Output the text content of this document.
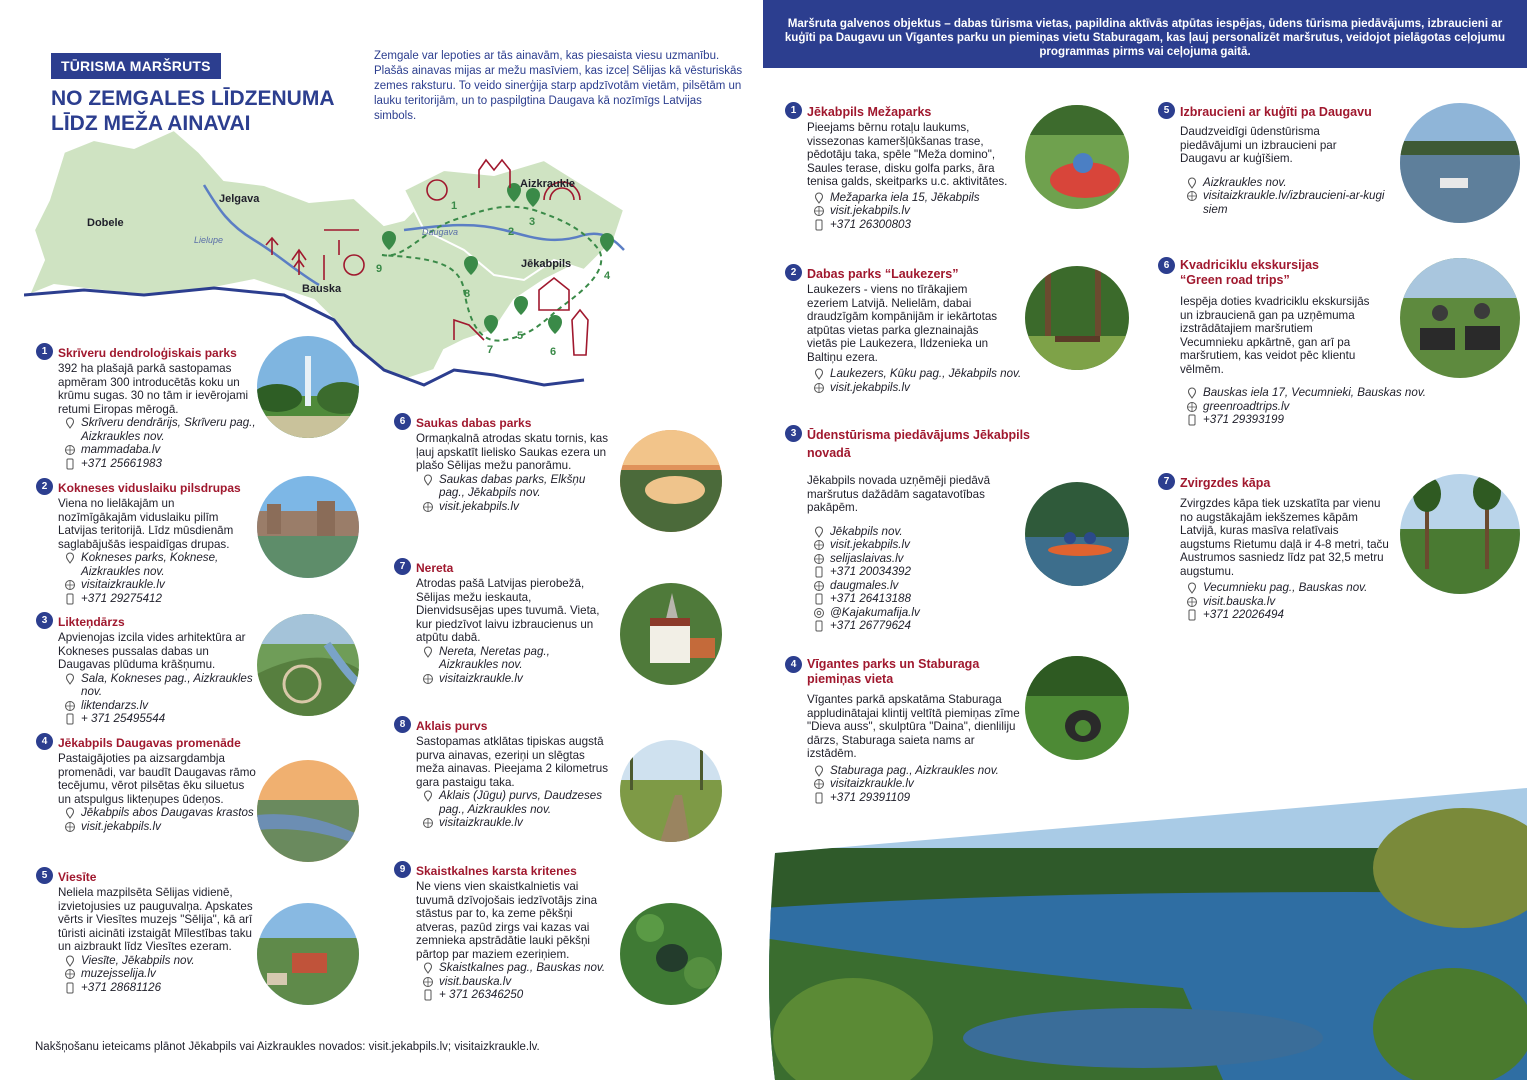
TŪRISMA MARŠRUTS
NO ZEMGALES LĪDZENUMA
LĪDZ MEŽA AINAVAI
Zemgale var lepoties ar tās ainavām, kas piesaista viesu uzmanību. Plašās ainavas mijas ar mežu masīviem, kas izceļ Sēlijas kā vēsturiskās zemes raksturu. To veido sinerģija starp apdzīvotām vietām, pilsētām un lauku teritorijām, un to paspilgtina Daugava kā nozīmīgs Latvijas simbols.
Dobele
Jelgava
Bauska
Aizkraukle
Jēkabpils
Lielupe
Daugava
1
2
3
4
5
6
7
8
9
1 Skrīveru dendroloģiskais parks
392 ha plašajā parkā sastopamas apmēram 300 introducētās koku un krūmu sugas. 30 no tām ir ievērojami retumi Eiropas mērogā.
Skrīveru dendrārijs, Skrīveru pag., Aizkraukles nov.
mammadaba.lv
+371 25661983
2 Kokneses viduslaiku pilsdrupas
Viena no lielākajām un nozīmīgākajām viduslaiku pilīm Latvijas teritorijā. Līdz mūsdienām saglabājušās iespaidīgas drupas.
Kokneses parks, Koknese, Aizkraukles nov.
visitaizkraukle.lv
+371 29275412
3 Likteņdārzs
Apvienojas izcila vides arhitektūra ar Kokneses pussalas dabas un Daugavas plūduma krāšņumu.
Sala, Kokneses pag., Aizkraukles nov.
liktendarzs.lv
+ 371 25495544
4 Jēkabpils Daugavas promenāde
Pastaigājoties pa aizsargdambja promenādi, var baudīt Daugavas rāmo tecējumu, vērot pilsētas ēku siluetus un atspulgus likteņupes ūdeņos.
Jēkabpils abos Daugavas krastos
visit.jekabpils.lv
5 Viesīte
Neliela mazpilsēta Sēlijas vidienē, izvietojusies uz pauguvalņa. Apskates vērts ir Viesītes muzejs "Sēlija", kā arī tūristi aicināti izstaigāt Mīlestības taku un aizbraukt līdz Viesītes ezeram.
Viesīte, Jēkabpils nov.
muzejsselija.lv
+371 28681126
6 Saukas dabas parks
Ormaņkalnā atrodas skatu tornis, kas ļauj apskatīt lielisko Saukas ezera un plašo Sēlijas mežu panorāmu.
Saukas dabas parks, Elkšņu pag., Jēkabpils nov.
visit.jekabpils.lv
7 Nereta
Atrodas pašā Latvijas pierobežā, Sēlijas mežu ieskauta, Dienvidsusējas upes tuvumā. Vieta, kur piedzīvot laivu izbraucienus un atpūtu dabā.
Nereta, Neretas pag., Aizkraukles nov.
visitaizkraukle.lv
8 Aklais purvs
Sastopamas atklātas tipiskas augstā purva ainavas, ezeriņi un slēgtas meža ainavas. Pieejama 2 kilometrus gara pastaigu taka.
Aklais (Jūgu) purvs, Daudzeses pag., Aizkraukles nov.
visitaizkraukle.lv
9 Skaistkalnes karsta kritenes
Ne viens vien skaistkalnietis vai tuvumā dzīvojošais iedzīvotājs zina stāstus par to, ka zeme pēkšņi atveras, pazūd zirgs vai kazas vai zemnieka apstrādātie lauki pēkšņi pārtop par maziem ezeriņiem.
Skaistkalnes pag., Bauskas nov.
visit.bauska.lv
+ 371 26346250
Nakšņošanu ieteicams plānot Jēkabpils vai Aizkraukles novados: visit.jekabpils.lv; visitaizkraukle.lv.
Maršruta galvenos objektus – dabas tūrisma vietas, papildina aktīvās atpūtas iespējas, ūdens tūrisma piedāvājums, izbraucieni ar kuģīti pa Daugavu un Vīgantes parku un piemiņas vietu Staburagam, kas ļauj personalizēt maršrutus, veidojot pielāgotas ceļojumu programmas pirms vai ceļojuma gaitā.
1 Jēkabpils Mežaparks
Pieejams bērnu rotaļu laukums, vissezonas kameršļūkšanas trase, pēdotāju taka, spēle "Meža domino", Saules terase, disku golfa parks, āra tenisa galds, skeitparks u.c. aktivitātes.
Mežaparka iela 15, Jēkabpils
visit.jekabpils.lv
+371 26300803
2 Dabas parks “Laukezers”
Laukezers - viens no tīrākajiem ezeriem Latvijā. Nelielām, dabai draudzīgām kompānijām ir iekārtotas atpūtas vietas parka gleznainajās vietās pie Laukezera, Ildzenieka un Baltiņu ezera.
Laukezers, Kūku pag., Jēkabpils nov.
visit.jekabpils.lv
3 Ūdenstūrisma piedāvājums Jēkabpils novadā
Jēkabpils novada uzņēmēji piedāvā maršrutus dažādām sagatavotības pakāpēm.
Jēkabpils nov.
visit.jekabpils.lv
selijaslaivas.lv
+371 20034392
daugmales.lv
+371 26413188
@Kajakumafija.lv
+371 26779624
4 Vīgantes parks un Staburaga piemiņas vieta
Vīgantes parkā apskatāma Staburaga appludinātajai klintij veltītā piemiņas zīme "Dieva auss", skulptūra "Daina", dienliliju dārzs, Staburaga saieta nams ar izstādēm.
Staburaga pag., Aizkraukles nov.
visitaizkraukle.lv
+371 29391109
5 Izbraucieni ar kuģīti pa Daugavu
Daudzveidīgi ūdenstūrisma piedāvājumi un izbraucieni par Daugavu ar kuģīšiem.
Aizkraukles nov.
visitaizkraukle.lv/izbraucieni-ar-kugisiem
6 Kvadriciklu ekskursijas “Green road trips”
Iespēja doties kvadriciklu ekskursijās un izbraucienā gan pa uzņēmuma izstrādātajiem maršrutiem Vecumnieku apkārtnē, gan arī pa maršrutiem, kas veidot pēc klientu vēlmēm.
Bauskas iela 17, Vecumnieki, Bauskas nov.
greenroadtrips.lv
+371 29393199
7 Zvirgzdes kāpa
Zvirgzdes kāpa tiek uzskatīta par vienu no augstākajām iekšzemes kāpām Latvijā, kuras masīva relatīvais augstums Rietumu daļā ir 4-8 metri, taču Austrumos sasniedz līdz pat 32,5 metru augstumu.
Vecumnieku pag., Bauskas nov.
visit.bauska.lv
+371 22026494
